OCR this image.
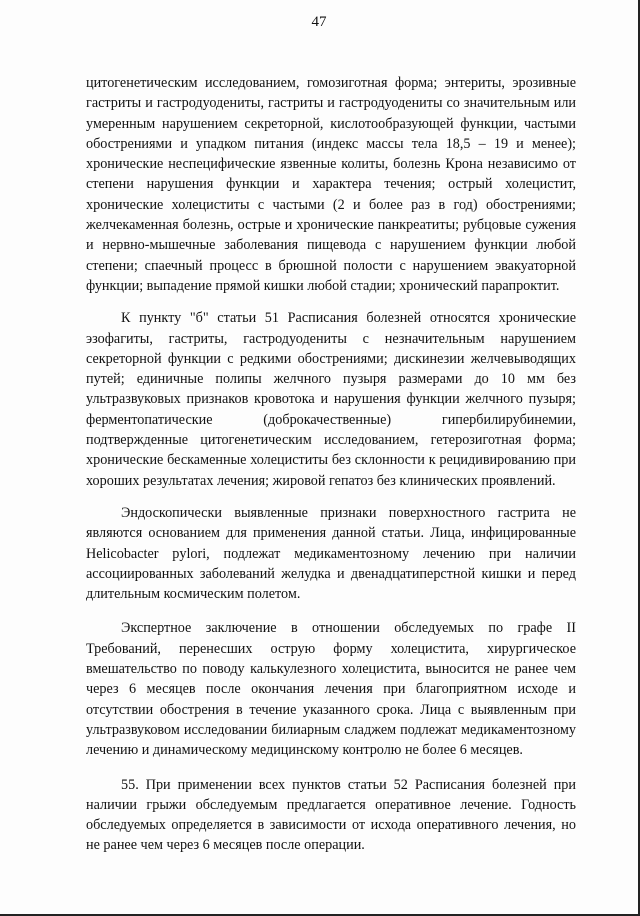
47

цитогенетическим исследованием, гомозиготная форма; энтериты, эрозивные гастриты и гастродуодениты, гастриты и гастродуодениты со значительным или умеренным нарушением секреторной, кислотообразующей функции, частыми обострениями и упадком питания (индекс массы тела 18,5 – 19 и менее); хронические неспецифические язвенные колиты, болезнь Крона независимо от степени нарушения функции и характера течения; острый холецистит, хронические холециститы с частыми (2 и более раз в год) обострениями; желчекаменная болезнь, острые и хронические панкреатиты; рубцовые сужения и нервно-мышечные заболевания пищевода с нарушением функции любой степени; спаечный процесс в брюшной полости с нарушением эвакуаторной функции; выпадение прямой кишки любой стадии; хронический парапроктит.

К пункту "б" статьи 51 Расписания болезней относятся хронические эзофагиты, гастриты, гастродуодениты с незначительным нарушением секреторной функции с редкими обострениями; дискинезии желчевыводящих путей; единичные полипы желчного пузыря размерами до 10 мм без ультразвуковых признаков кровотока и нарушения функции желчного пузыря; ферментопатические (доброкачественные) гипербилирубинемии, подтвержденные цитогенетическим исследованием, гетерозиготная форма; хронические бескаменные холециститы без склонности к рецидивированию при хороших результатах лечения; жировой гепатоз без клинических проявлений.

Эндоскопически выявленные признаки поверхностного гастрита не являются основанием для применения данной статьи. Лица, инфицированные Helicobacter pylori, подлежат медикаментозному лечению при наличии ассоциированных заболеваний желудка и двенадцатиперстной кишки и перед длительным космическим полетом.

Экспертное заключение в отношении обследуемых по графе II Требований, перенесших острую форму холецистита, хирургическое вмешательство по поводу калькулезного холецистита, выносится не ранее чем через 6 месяцев после окончания лечения при благоприятном исходе и отсутствии обострения в течение указанного срока. Лица с выявленным при ультразвуковом исследовании билиарным сладжем подлежат медикаментозному лечению и динамическому медицинскому контролю не более 6 месяцев.

55. При применении всех пунктов статьи 52 Расписания болезней при наличии грыжи обследуемым предлагается оперативное лечение. Годность обследуемых определяется в зависимости от исхода оперативного лечения, но не ранее чем через 6 месяцев после операции.
